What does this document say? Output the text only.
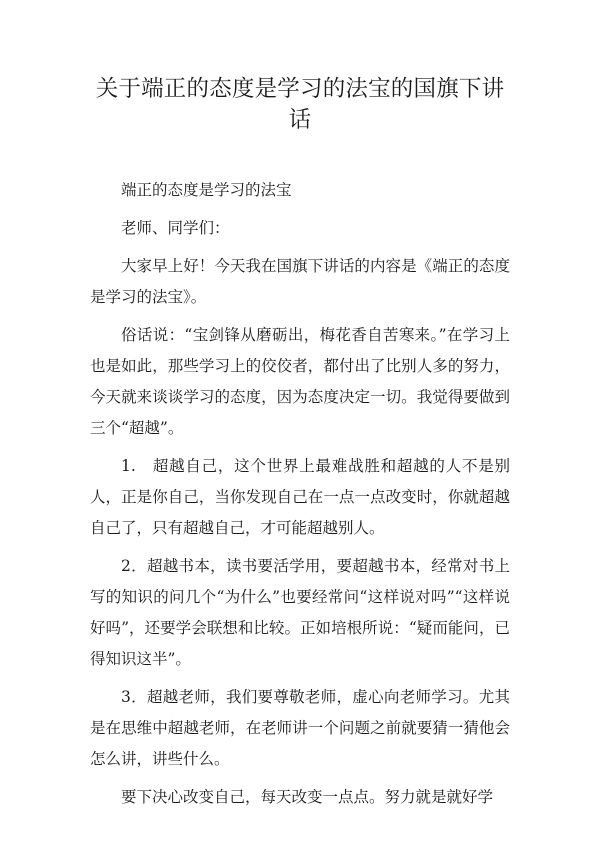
关于端正的态度是学习的法宝的国旗下讲话

端正的态度是学习的法宝

老师、同学们：

大家早上好！今天我在国旗下讲话的内容是《端正的态度是学习的法宝》。

俗话说：“宝剑锋从磨砺出，梅花香自苦寒来。”在学习上也是如此，那些学习上的佼佼者，都付出了比别人多的努力，今天就来谈谈学习的态度，因为态度决定一切。我觉得要做到三个“超越”。

1.　超越自己，这个世界上最难战胜和超越的人不是别人，正是你自己，当你发现自己在一点一点改变时，你就超越自己了，只有超越自己，才可能超越别人。

2．超越书本，读书要活学用，要超越书本，经常对书上写的知识的问几个“为什么”也要经常问“这样说对吗”“这样说好吗”，还要学会联想和比较。正如培根所说：“疑而能问，已得知识这半”。

3．超越老师，我们要尊敬老师，虚心向老师学习。尤其是在思维中超越老师，在老师讲一个问题之前就要猜一猜他会怎么讲，讲些什么。

要下决心改变自己，每天改变一点点。努力就是就好学
